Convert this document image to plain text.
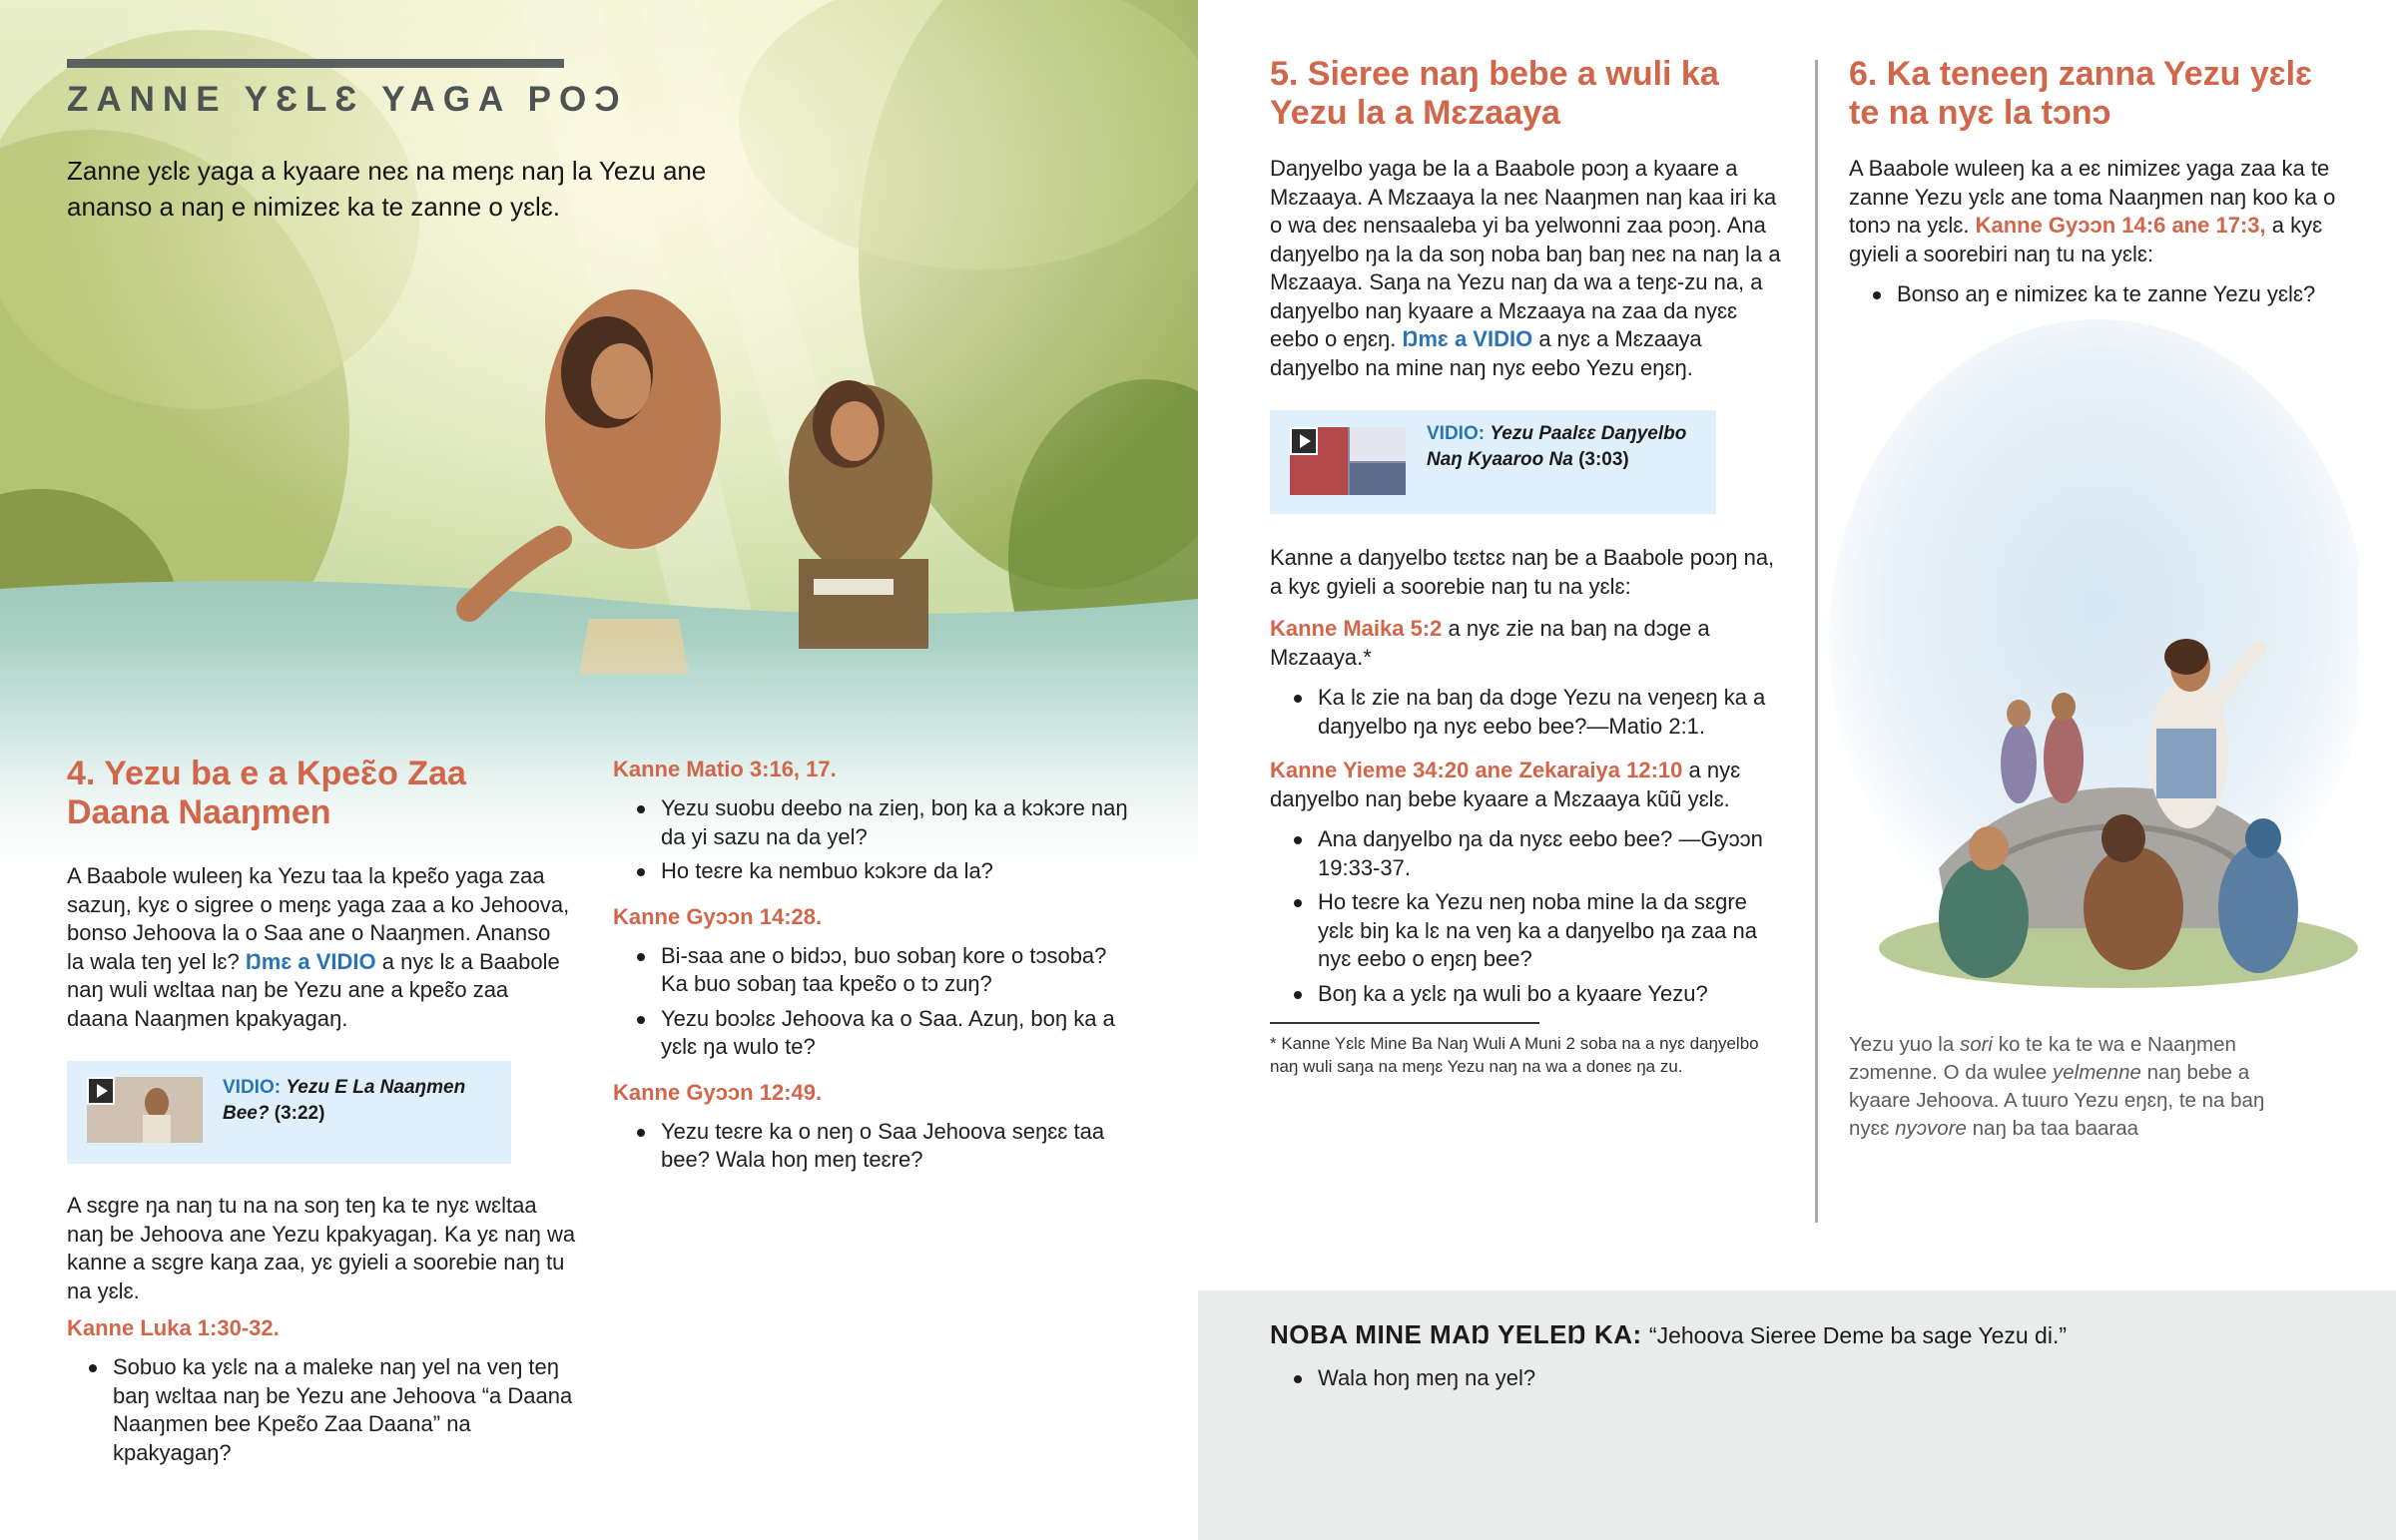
ZANNE YƐLƐ YAGA POƆ
Zanne yɛlɛ yaga a kyaare neɛ na meŋɛ naŋ la Yezu ane ananso a naŋ e nimizeɛ ka te zanne o yɛlɛ.
4. Yezu ba e a Kpeɛ̃o Zaa
Daana Naaŋmen

A Baabole wuleeŋ ka Yezu taa la kpeɛ̃o yaga zaa sazuŋ, kyɛ o sigree o meŋɛ yaga zaa a ko Jehoova, bonso Jehoova la o Saa ane o Naaŋmen. Ananso la wala teŋ yel lɛ? Ŋmɛ a VIDIO a nyɛ lɛ a Baabole naŋ wuli wɛltaa naŋ be Yezu ane a kpeɛ̃o zaa daana Naaŋmen kpakyagaŋ.

VIDIO: Yezu E La Naaŋmen Bee? (3:22)

A sɛgre ŋa naŋ tu na na soŋ teŋ ka te nyɛ wɛltaa naŋ be Jehoova ane Yezu kpakyagaŋ. Ka yɛ naŋ wa kanne a sɛgre kaŋa zaa, yɛ gyieli a soorebie naŋ tu na yɛlɛ.

Kanne Luka 1:30-32.
Sobuo ka yɛlɛ na a maleke naŋ yel na veŋ teŋ baŋ wɛltaa naŋ be Yezu ane Jehoova “a Daana Naaŋmen bee Kpeɛ̃o Zaa Daana” na kpakyagaŋ?
Kanne Matio 3:16, 17.
Yezu suobu deebo na zieŋ, boŋ ka a kɔkɔre naŋ da yi sazu na da yel?
Ho teɛre ka nembuo kɔkɔre da la?
Kanne Gyɔɔn 14:28.
Bi-saa ane o bidɔɔ, buo sobaŋ kore o tɔsoba? Ka buo sobaŋ taa kpeɛ̃o o tɔ zuŋ?
Yezu boɔlɛɛ Jehoova ka o Saa. Azuŋ, boŋ ka a yɛlɛ ŋa wulo te?
Kanne Gyɔɔn 12:49.
Yezu teɛre ka o neŋ o Saa Jehoova seŋɛɛ taa bee? Wala hoŋ meŋ teɛre?
5. Sieree naŋ bebe a wuli ka
Yezu la a Mɛzaaya

Daŋyelbo yaga be la a Baabole poɔŋ a kyaare a Mɛzaaya. A Mɛzaaya la neɛ Naaŋmen naŋ kaa iri ka o wa deɛ nensaaleba yi ba yelwonni zaa poɔŋ. Ana daŋyelbo ŋa la da soŋ noba baŋ baŋ neɛ na naŋ la a Mɛzaaya. Saŋa na Yezu naŋ da wa a teŋɛ-zu na, a daŋyelbo naŋ kyaare a Mɛzaaya na zaa da nyɛɛ eebo o eŋɛŋ. Ŋmɛ a VIDIO a nyɛ a Mɛzaaya daŋyelbo na mine naŋ nyɛ eebo Yezu eŋɛŋ.

VIDIO: Yezu Paalɛɛ Daŋyelbo Naŋ Kyaaroo Na (3:03)

Kanne a daŋyelbo tɛɛtɛɛ naŋ be a Baabole poɔŋ na, a kyɛ gyieli a soorebie naŋ tu na yɛlɛ:

Kanne Maika 5:2 a nyɛ zie na baŋ na dɔge a Mɛzaaya.*

Ka lɛ zie na baŋ da dɔge Yezu na veŋeɛŋ ka a daŋyelbo ŋa nyɛ eebo bee?—Matio 2:1.

Kanne Yieme 34:20 ane Zekaraiya 12:10 a nyɛ daŋyelbo naŋ bebe kyaare a Mɛzaaya kũũ yɛlɛ.

Ana daŋyelbo ŋa da nyɛɛ eebo bee? —Gyɔɔn 19:33-37.
Ho teɛre ka Yezu neŋ noba mine la da sɛgre yɛlɛ biŋ ka lɛ na veŋ ka a daŋyelbo ŋa zaa na nyɛ eebo o eŋɛŋ bee?
Boŋ ka a yɛlɛ ŋa wuli bo a kyaare Yezu?
* Kanne Yɛlɛ Mine Ba Naŋ Wuli A Muni 2 soba na a nyɛ daŋyelbo naŋ wuli saŋa na meŋɛ Yezu naŋ na wa a doneɛ ŋa zu.
6. Ka teneeŋ zanna Yezu yɛlɛ
te na nyɛ la tɔnɔ

A Baabole wuleeŋ ka a eɛ nimizeɛ yaga zaa ka te zanne Yezu yɛlɛ ane toma Naaŋmen naŋ koo ka o tonɔ na yɛlɛ. Kanne Gyɔɔn 14:6 ane 17:3, a kyɛ gyieli a soorebiri naŋ tu na yɛlɛ:

Bonso aŋ e nimizeɛ ka te zanne Yezu yɛlɛ?
Yezu yuo la sori ko te ka te wa e Naaŋmen zɔmenne. O da wulee yelmenne naŋ bebe a kyaare Jehoova. A tuuro Yezu eŋɛŋ, te na baŋ nyɛɛ nyɔvore naŋ ba taa baaraa
NOBA MINE MAŊ YELEŊ KA: “Jehoova Sieree Deme ba sage Yezu di.”
Wala hoŋ meŋ na yel?
